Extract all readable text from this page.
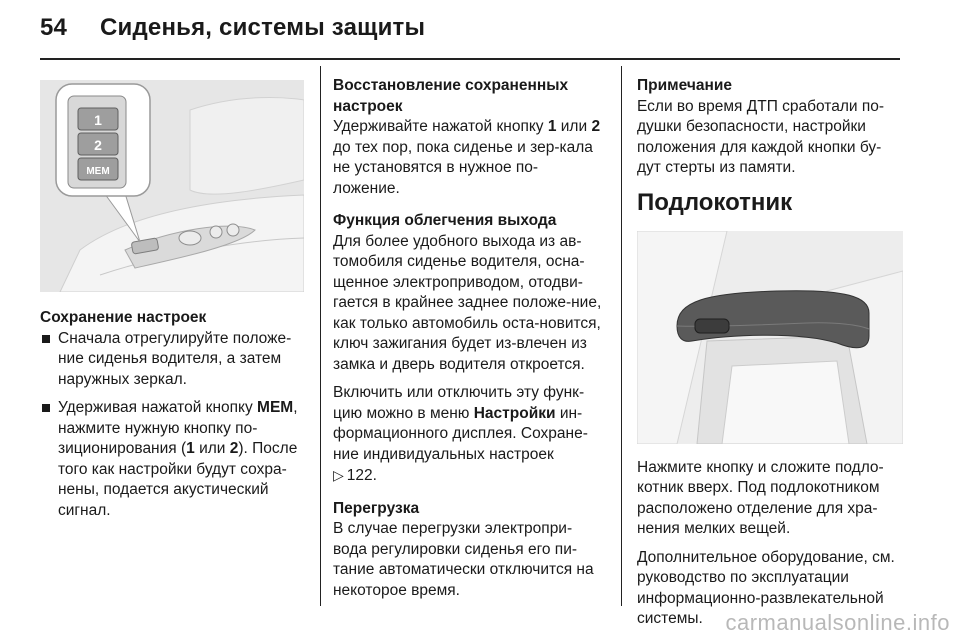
54 Сиденья, системы защиты
1
2
MEM

Сохранение настроек

Сначала отрегулируйте положе-ние сиденья водителя, а затем наружных зеркал.
Удерживая нажатой кнопку MEM, нажмите нужную кнопку по-зиционирования (1 или 2). После того как настройки будут сохра-нены, подается акустический сигнал.

Восстановление сохраненных настроек

Удерживайте нажатой кнопку 1 или 2 до тех пор, пока сиденье и зер-кала не установятся в нужное по-ложение.

Функция облегчения выхода

Для более удобного выхода из ав-томобиля сиденье водителя, осна-щенное электроприводом, отодви-гается в крайнее заднее положе-ние, как только автомобиль оста-новится, ключ зажигания будет из-влечен из замка и дверь водителя откроется.

Включить или отключить эту функ-цию можно в меню Настройки ин-формационного дисплея. Сохране-ние индивидуальных настроек
▷ 122.

Перегрузка

В случае перегрузки электропри-вода регулировки сиденья его пи-тание автоматически отключится на некоторое время.

Примечание

Если во время ДТП сработали по-душки безопасности, настройки положения для каждой кнопки бу-дут стерты из памяти.

Подлокотник

Нажмите кнопку и сложите подло-котник вверх. Под подлокотником расположено отделение для хра-нения мелких вещей.

Дополнительное оборудование, см. руководство по эксплуатации информационно-развлекательной системы.	carmanualsonline.info
